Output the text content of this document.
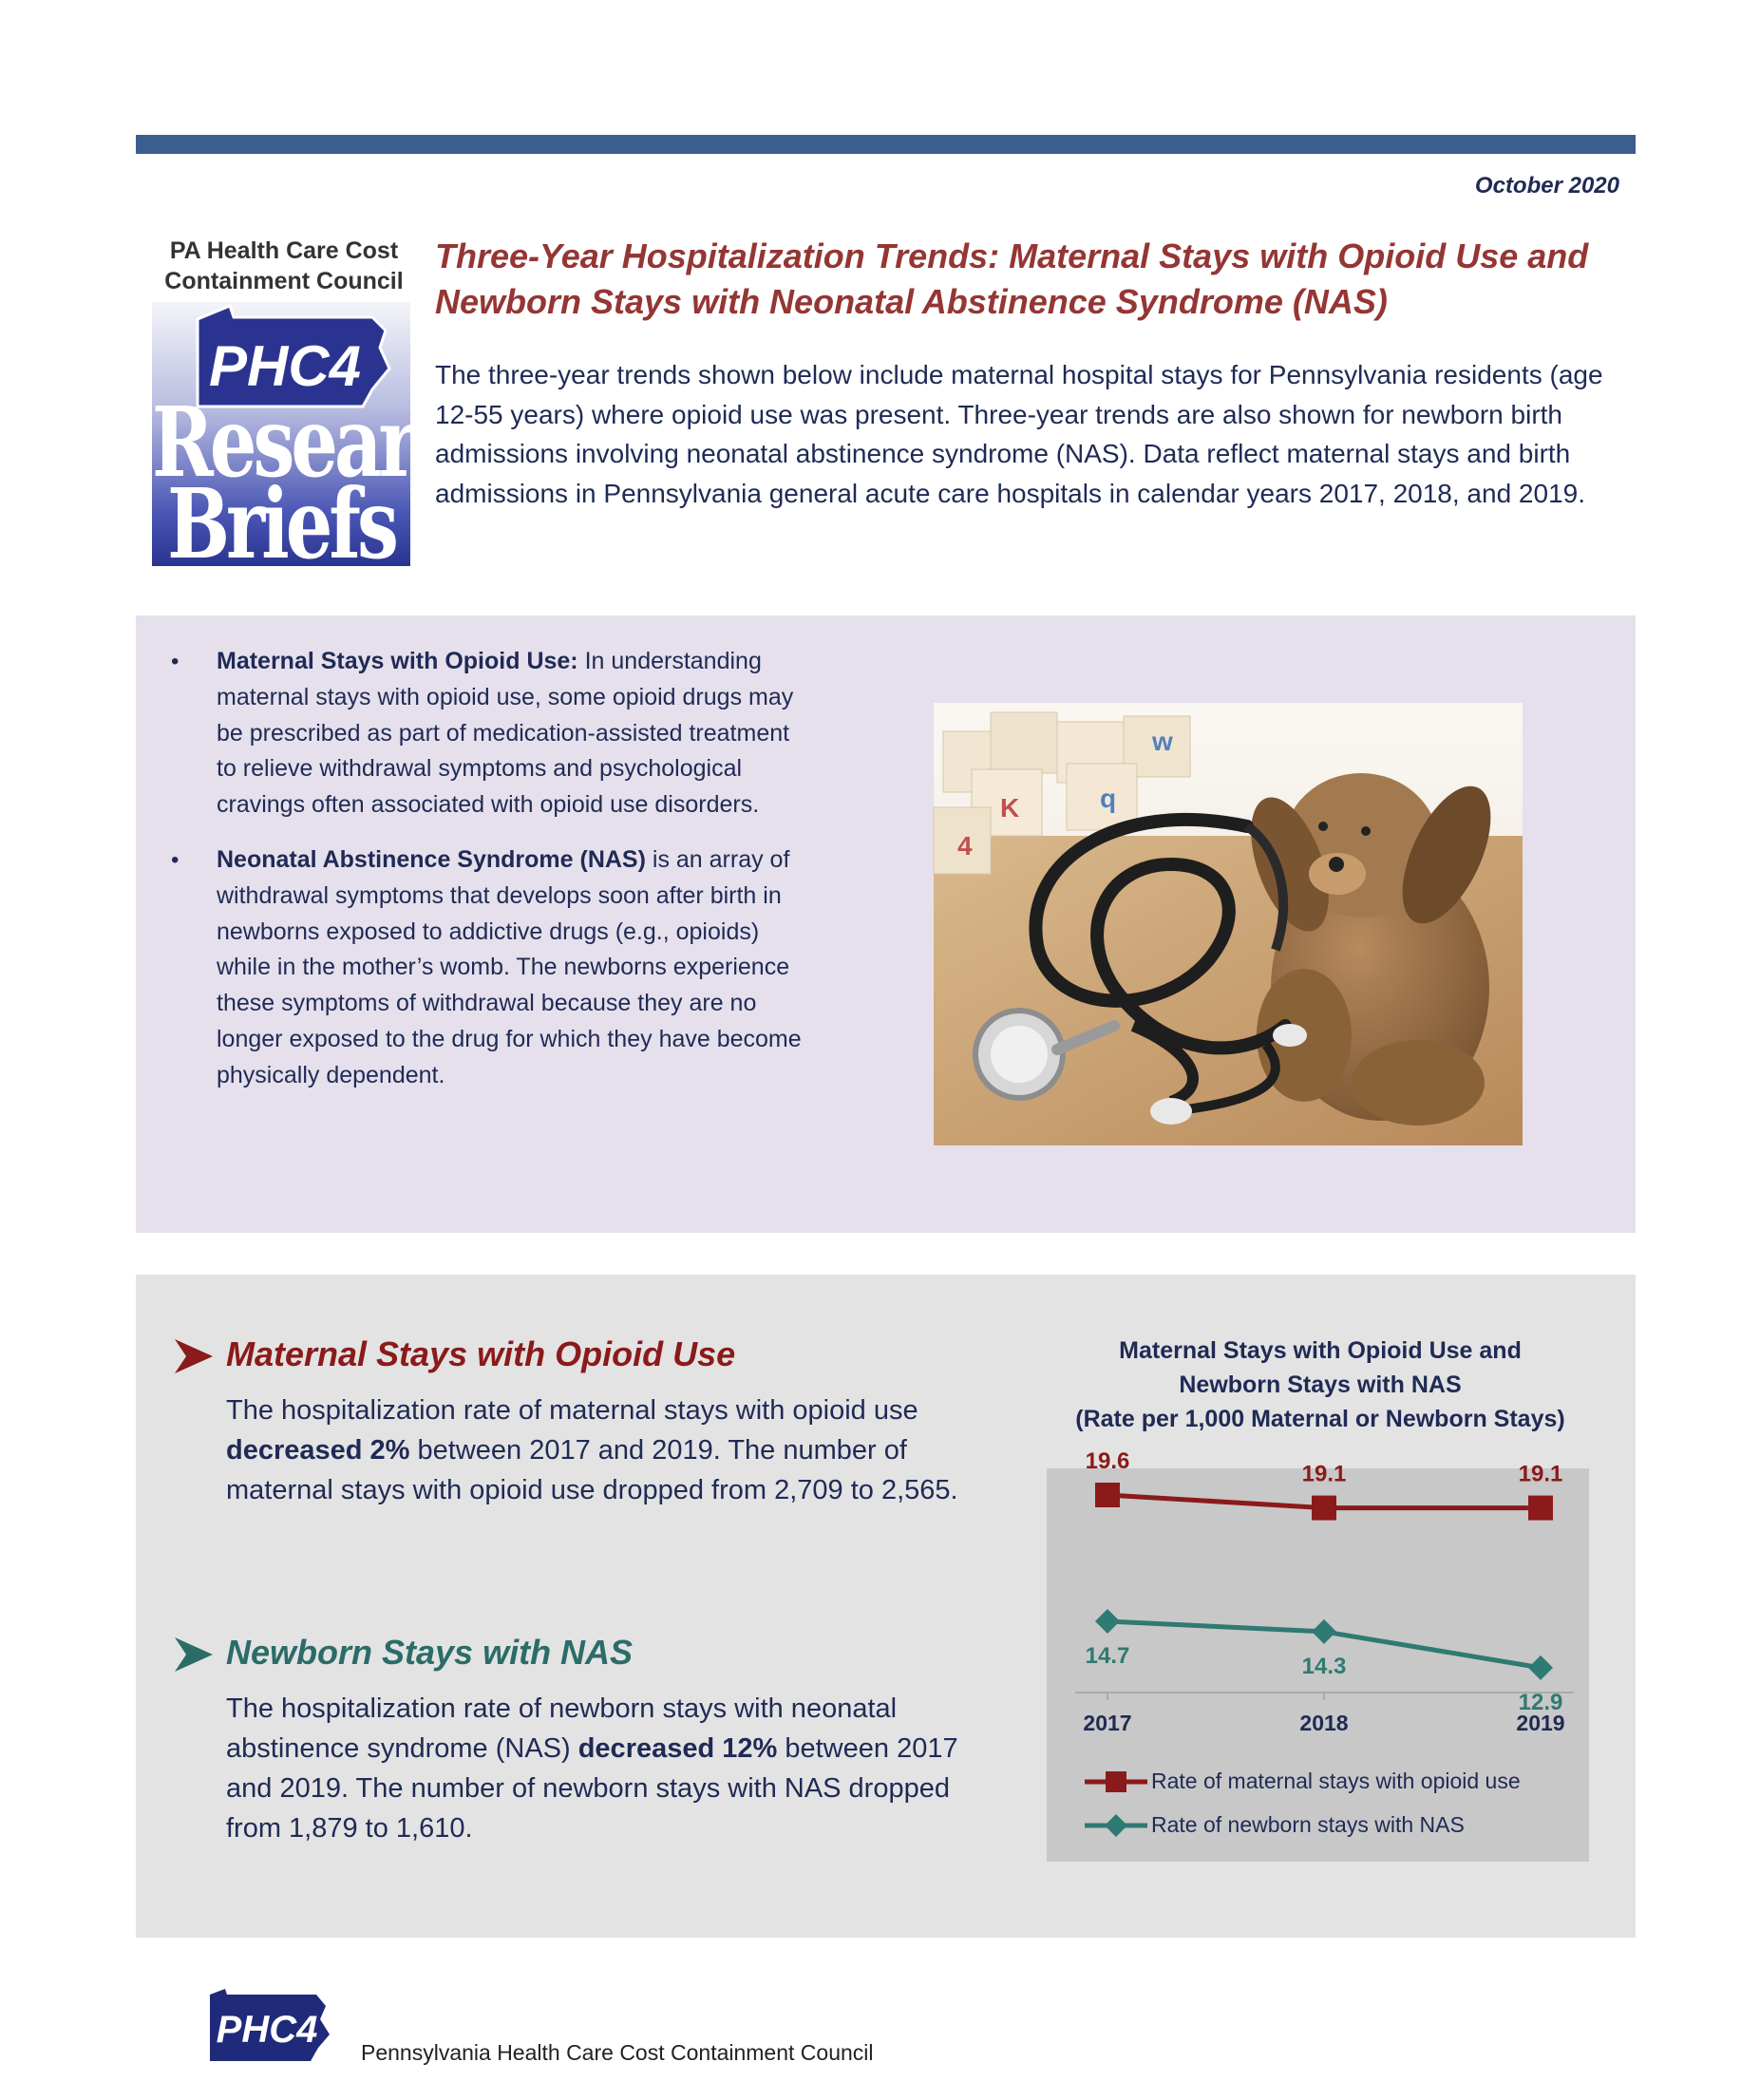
October 2020
PA Health Care Cost
Containment Council
PHC4
Research
Briefs
Three-Year Hospitalization Trends: Maternal Stays with Opioid Use and Newborn Stays with Neonatal Abstinence Syndrome (NAS)
The three-year trends shown below include maternal hospital stays for Pennsylvania residents (age 12-55 years) where opioid use was present. Three-year trends are also shown for newborn birth admissions involving neonatal abstinence syndrome (NAS). Data reflect maternal stays and birth admissions in Pennsylvania general acute care hospitals in calendar years 2017, 2018, and 2019.
• Maternal Stays with Opioid Use: In understanding maternal stays with opioid use, some opioid drugs may be prescribed as part of medication-assisted treatment to relieve withdrawal symptoms and psychological cravings often associated with opioid use disorders.
• Neonatal Abstinence Syndrome (NAS) is an array of withdrawal symptoms that develops soon after birth in newborns exposed to addictive drugs (e.g., opioids) while in the mother’s womb. The newborns experience these symptoms of withdrawal because they are no longer exposed to the drug for which they have become physically dependent.
K	q
w
4
Maternal Stays with Opioid Use
The hospitalization rate of maternal stays with opioid use decreased 2% between 2017 and 2019. The number of maternal stays with opioid use dropped from 2,709 to 2,565.
Newborn Stays with NAS
The hospitalization rate of newborn stays with neonatal abstinence syndrome (NAS) decreased 12% between 2017 and 2019. The number of newborn stays with NAS dropped from 1,879 to 1,610.
Maternal Stays with Opioid Use and
Newborn Stays with NAS
(Rate per 1,000 Maternal or Newborn Stays)
2017	2018	2019
19.6
19.1	19.1
14.7	14.3
12.9
Rate of maternal stays with opioid use
Rate of newborn stays with NAS
PHC4
Pennsylvania Health Care Cost Containment Council
